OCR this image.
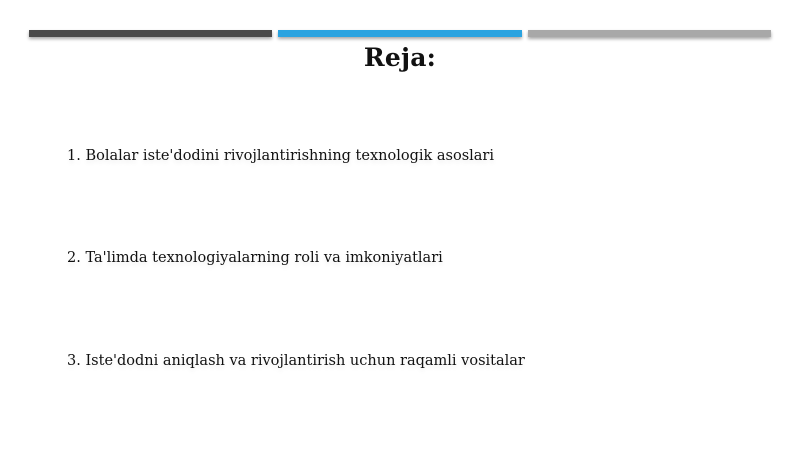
Reja:
1. Bolalar iste'dodini rivojlantirishning texnologik asoslari
2. Ta'limda texnologiyalarning roli va imkoniyatlari
3. Iste'dodni aniqlash va rivojlantirish uchun raqamli vositalar
